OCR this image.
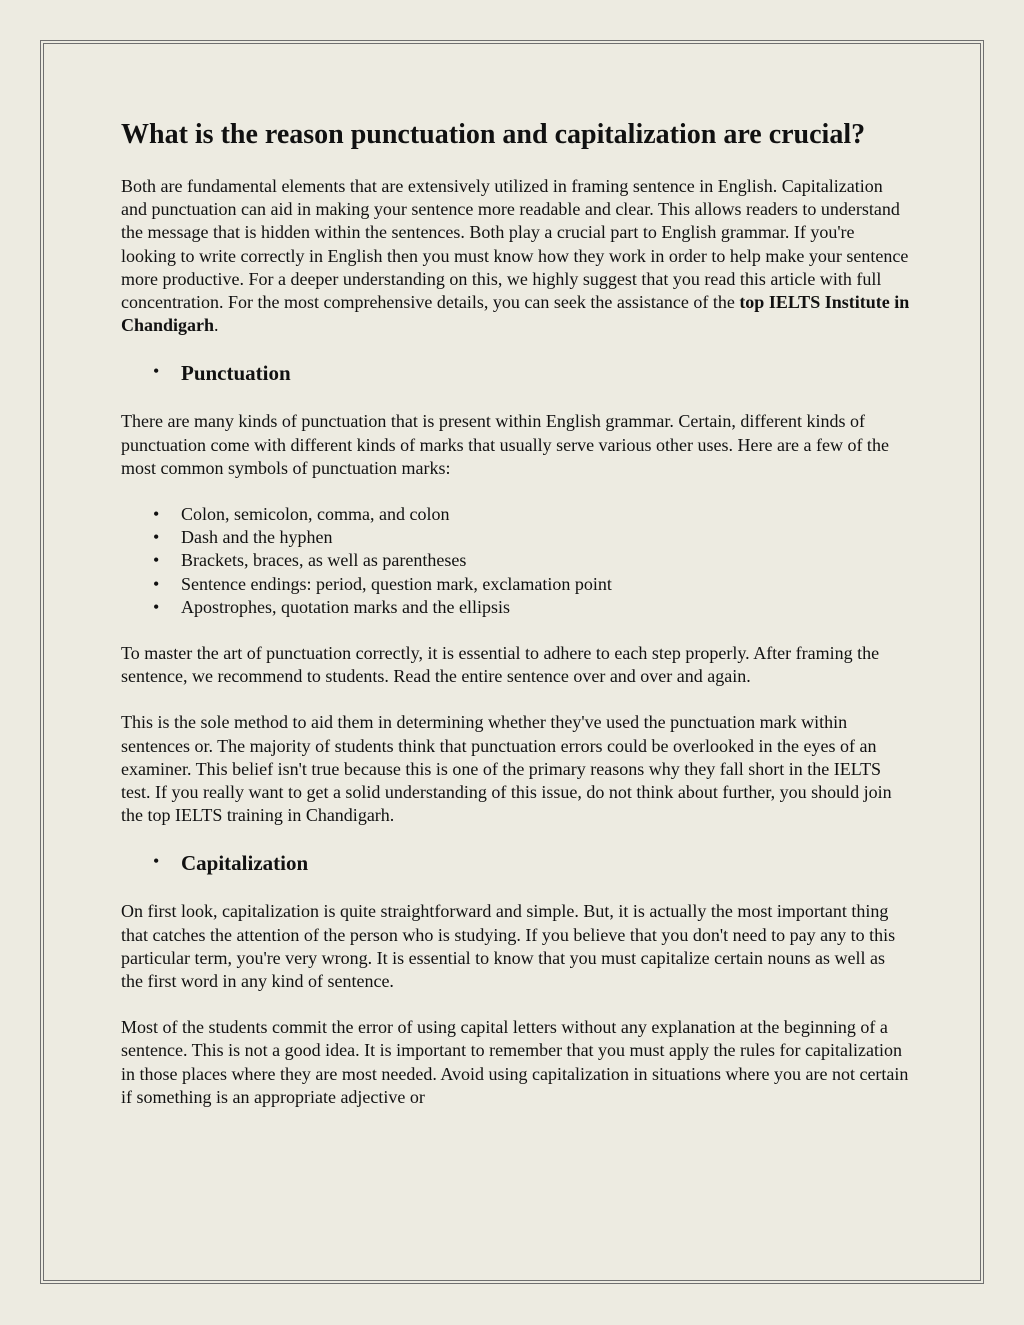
What is the reason punctuation and capitalization are crucial?

Both are fundamental elements that are extensively utilized in framing sentence in English. Capitalization and punctuation can aid in making your sentence more readable and clear. This allows readers to understand the message that is hidden within the sentences. Both play a crucial part to English grammar. If you're looking to write correctly in English then you must know how they work in order to help make your sentence more productive. For a deeper understanding on this, we highly suggest that you read this article with full concentration. For the most comprehensive details, you can seek the assistance of the top IELTS Institute in Chandigarh.

• Punctuation

There are many kinds of punctuation that is present within English grammar. Certain, different kinds of punctuation come with different kinds of marks that usually serve various other uses. Here are a few of the most common symbols of punctuation marks:

• Colon, semicolon, comma, and colon
• Dash and the hyphen
• Brackets, braces, as well as parentheses
• Sentence endings: period, question mark, exclamation point
• Apostrophes, quotation marks and the ellipsis

To master the art of punctuation correctly, it is essential to adhere to each step properly. After framing the sentence, we recommend to students. Read the entire sentence over and over and again.

This is the sole method to aid them in determining whether they've used the punctuation mark within sentences or. The majority of students think that punctuation errors could be overlooked in the eyes of an examiner. This belief isn't true because this is one of the primary reasons why they fall short in the IELTS test. If you really want to get a solid understanding of this issue, do not think about further, you should join the top IELTS training in Chandigarh.

• Capitalization

On first look, capitalization is quite straightforward and simple. But, it is actually the most important thing that catches the attention of the person who is studying. If you believe that you don't need to pay any to this particular term, you're very wrong. It is essential to know that you must capitalize certain nouns as well as the first word in any kind of sentence.

Most of the students commit the error of using capital letters without any explanation at the beginning of a sentence. This is not a good idea. It is important to remember that you must apply the rules for capitalization in those places where they are most needed. Avoid using capitalization in situations where you are not certain if something is an appropriate adjective or
